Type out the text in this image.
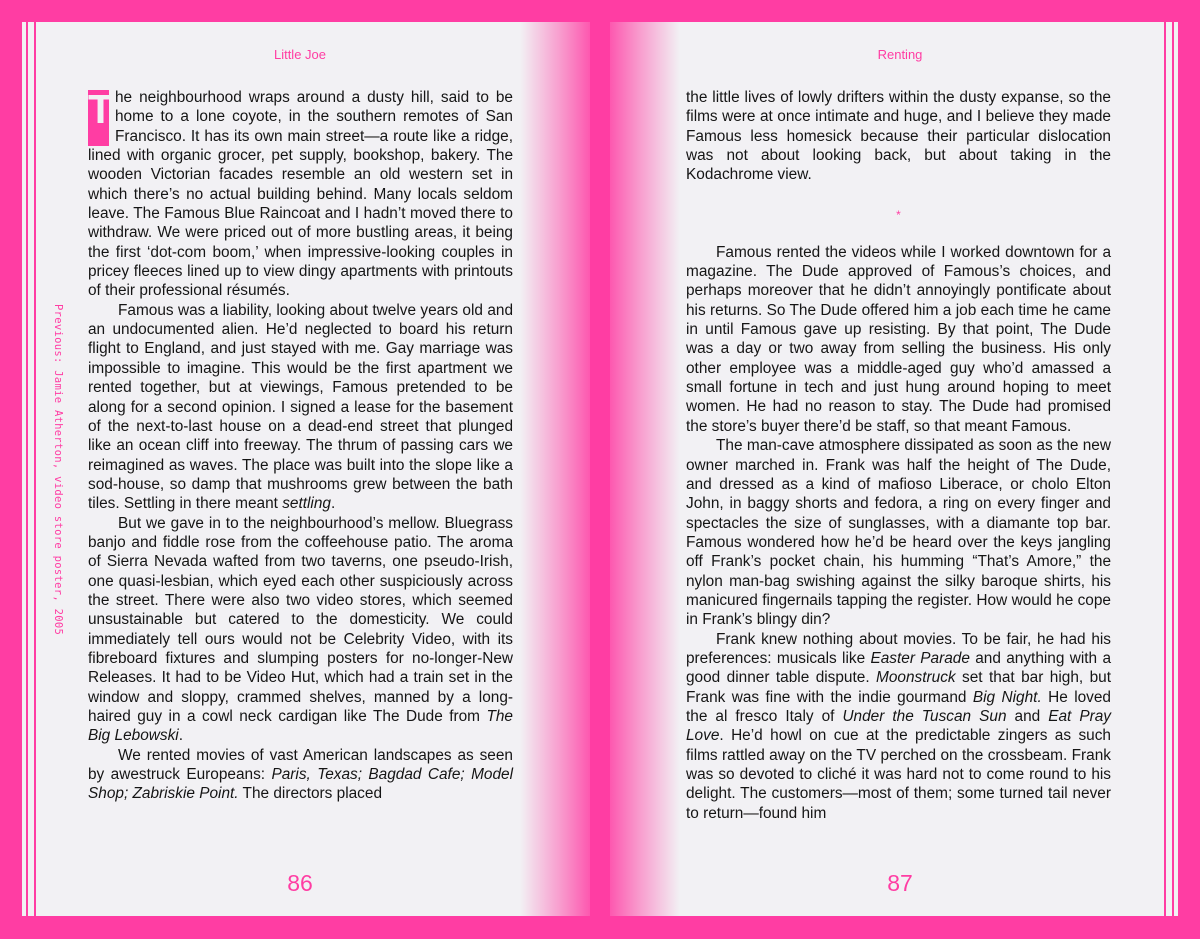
Little Joe
Previous: Jamie Atherton, video store poster, 2005

T he neighbourhood wraps around a dusty hill, said to be home to a lone coyote, in the southern remotes of San Francisco. It has its own main street—a route like a ridge, lined with organic grocer, pet supply, bookshop, bakery. The wooden Victorian facades resemble an old western set in which there’s no actual building behind. Many locals seldom leave. The Famous Blue Raincoat and I hadn’t moved there to withdraw. We were priced out of more bustling areas, it being the first ‘dot-com boom,’ when impressive-looking couples in pricey fleeces lined up to view dingy apartments with printouts of their professional résumés.

Famous was a liability, looking about twelve years old and an undocumented alien. He’d neglected to board his return flight to England, and just stayed with me. Gay marriage was impossible to imagine. This would be the first apartment we rented together, but at viewings, Famous pretended to be along for a second opinion. I signed a lease for the basement of the next-to-last house on a dead-end street that plunged like an ocean cliff into freeway. The thrum of passing cars we reimagined as waves. The place was built into the slope like a sod-house, so damp that mushrooms grew between the bath tiles. Settling in there meant settling.

But we gave in to the neighbourhood’s mellow. Bluegrass banjo and fiddle rose from the coffeehouse patio. The aroma of Sierra Nevada wafted from two taverns, one pseudo-Irish, one quasi-lesbian, which eyed each other suspiciously across the street. There were also two video stores, which seemed unsustainable but catered to the domesticity. We could immediately tell ours would not be Celebrity Video, with its fibreboard fixtures and slumping posters for no-longer-New Releases. It had to be Video Hut, which had a train set in the window and sloppy, crammed shelves, manned by a long-haired guy in a cowl neck cardigan like The Dude from The Big Lebowski.

We rented movies of vast American landscapes as seen by awestruck Europeans: Paris, Texas; Bagdad Cafe; Model Shop; Zabriskie Point. The directors placed

86
Renting

the little lives of lowly drifters within the dusty expanse, so the films were at once intimate and huge, and I believe they made Famous less homesick because their particular dislocation was not about looking back, but about taking in the Kodachrome view.

*

Famous rented the videos while I worked downtown for a magazine. The Dude approved of Famous’s choices, and perhaps moreover that he didn’t annoyingly pontificate about his returns. So The Dude offered him a job each time he came in until Famous gave up resisting. By that point, The Dude was a day or two away from selling the business. His only other employee was a middle-aged guy who’d amassed a small fortune in tech and just hung around hoping to meet women. He had no reason to stay. The Dude had promised the store’s buyer there’d be staff, so that meant Famous.

The man-cave atmosphere dissipated as soon as the new owner marched in. Frank was half the height of The Dude, and dressed as a kind of mafioso Liberace, or cholo Elton John, in baggy shorts and fedora, a ring on every finger and spectacles the size of sunglasses, with a diamante top bar. Famous wondered how he’d be heard over the keys jangling off Frank’s pocket chain, his humming “That’s Amore,” the nylon man-bag swishing against the silky baroque shirts, his manicured fingernails tapping the register. How would he cope in Frank’s blingy din?

Frank knew nothing about movies. To be fair, he had his preferences: musicals like Easter Parade and anything with a good dinner table dispute. Moonstruck set that bar high, but Frank was fine with the indie gourmand Big Night. He loved the al fresco Italy of Under the Tuscan Sun and Eat Pray Love. He’d howl on cue at the predictable zingers as such films rattled away on the TV perched on the crossbeam. Frank was so devoted to cliché it was hard not to come round to his delight. The customers—most of them; some turned tail never to return—found him

87
